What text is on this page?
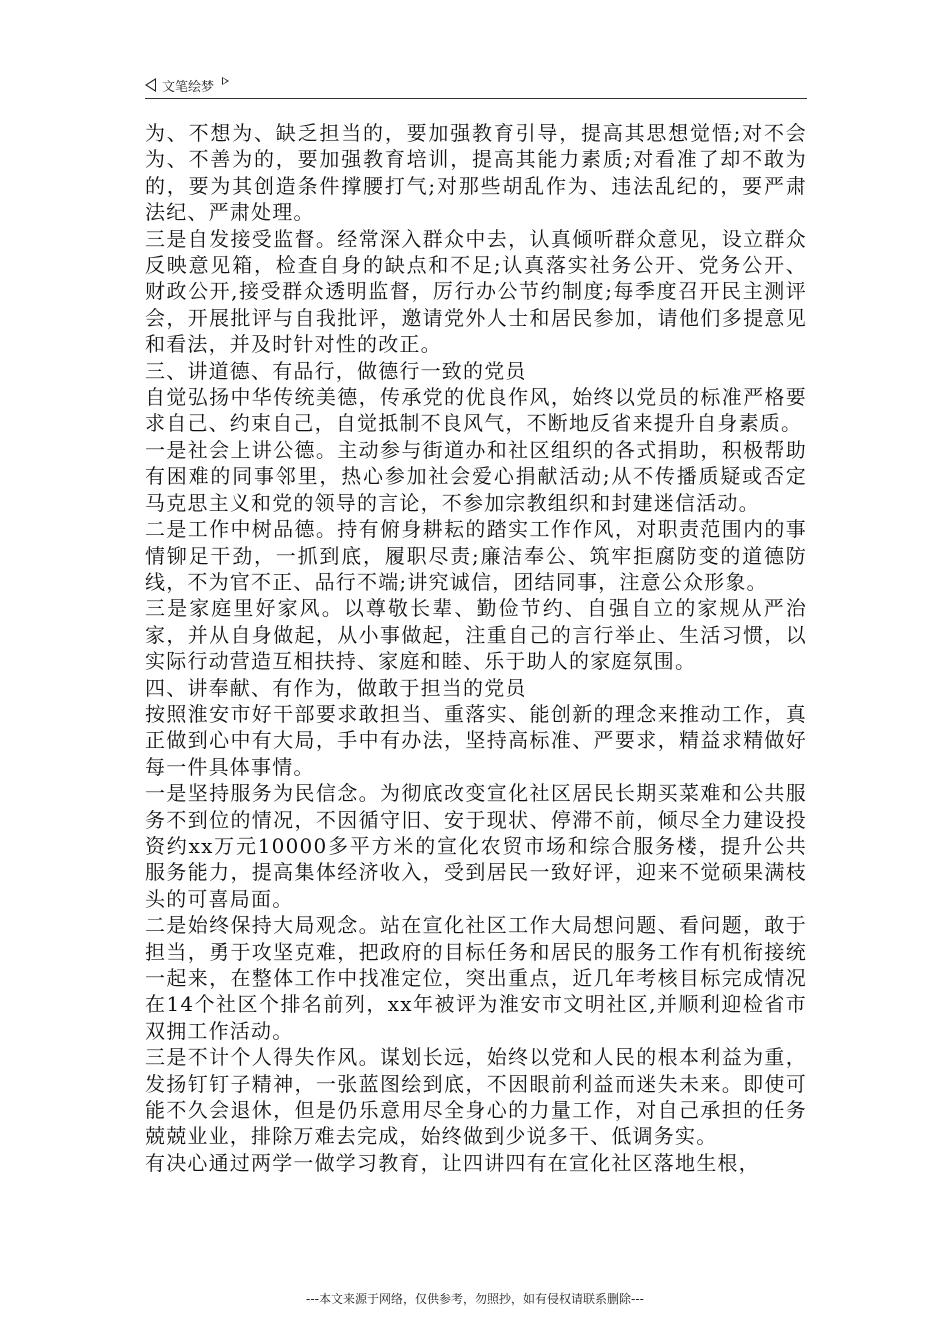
文笔绘梦

为、不想为、缺乏担当的，要加强教育引导，提高其思想觉悟;对不会为、不善为的，要加强教育培训，提高其能力素质;对看准了却不敢为的，要为其创造条件撑腰打气;对那些胡乱作为、违法乱纪的，要严肃法纪、严肃处理。

三是自发接受监督。经常深入群众中去，认真倾听群众意见，设立群众反映意见箱，检查自身的缺点和不足;认真落实社务公开、党务公开、财政公开,接受群众透明监督，厉行办公节约制度;每季度召开民主测评会，开展批评与自我批评，邀请党外人士和居民参加，请他们多提意见和看法，并及时针对性的改正。

三、讲道德、有品行，做德行一致的党员

自觉弘扬中华传统美德，传承党的优良作风，始终以党员的标准严格要求自己、约束自己，自觉抵制不良风气，不断地反省来提升自身素质。

一是社会上讲公德。主动参与街道办和社区组织的各式捐助，积极帮助有困难的同事邻里，热心参加社会爱心捐献活动;从不传播质疑或否定马克思主义和党的领导的言论，不参加宗教组织和封建迷信活动。

二是工作中树品德。持有俯身耕耘的踏实工作作风，对职责范围内的事情铆足干劲，一抓到底，履职尽责;廉洁奉公、筑牢拒腐防变的道德防线，不为官不正、品行不端;讲究诚信，团结同事，注意公众形象。

三是家庭里好家风。以尊敬长辈、勤俭节约、自强自立的家规从严治家，并从自身做起，从小事做起，注重自己的言行举止、生活习惯，以实际行动营造互相扶持、家庭和睦、乐于助人的家庭氛围。

四、讲奉献、有作为，做敢于担当的党员

按照淮安市好干部要求敢担当、重落实、能创新的理念来推动工作，真正做到心中有大局，手中有办法，坚持高标准、严要求，精益求精做好每一件具体事情。

一是坚持服务为民信念。为彻底改变宣化社区居民长期买菜难和公共服务不到位的情况，不因循守旧、安于现状、停滞不前，倾尽全力建设投资约xx万元10000多平方米的宣化农贸市场和综合服务楼，提升公共服务能力，提高集体经济收入，受到居民一致好评，迎来不觉硕果满枝头的可喜局面。

二是始终保持大局观念。站在宣化社区工作大局想问题、看问题，敢于担当，勇于攻坚克难，把政府的目标任务和居民的服务工作有机衔接统一起来，在整体工作中找准定位，突出重点，近几年考核目标完成情况在14个社区个排名前列，xx年被评为淮安市文明社区,并顺利迎检省市双拥工作活动。

三是不计个人得失作风。谋划长远，始终以党和人民的根本利益为重，发扬钉钉子精神，一张蓝图绘到底，不因眼前利益而迷失未来。即使可能不久会退休，但是仍乐意用尽全身心的力量工作，对自己承担的任务兢兢业业，排除万难去完成，始终做到少说多干、低调务实。

有决心通过两学一做学习教育，让四讲四有在宣化社区落地生根，

---本文来源于网络，仅供参考，勿照抄，如有侵权请联系删除---
